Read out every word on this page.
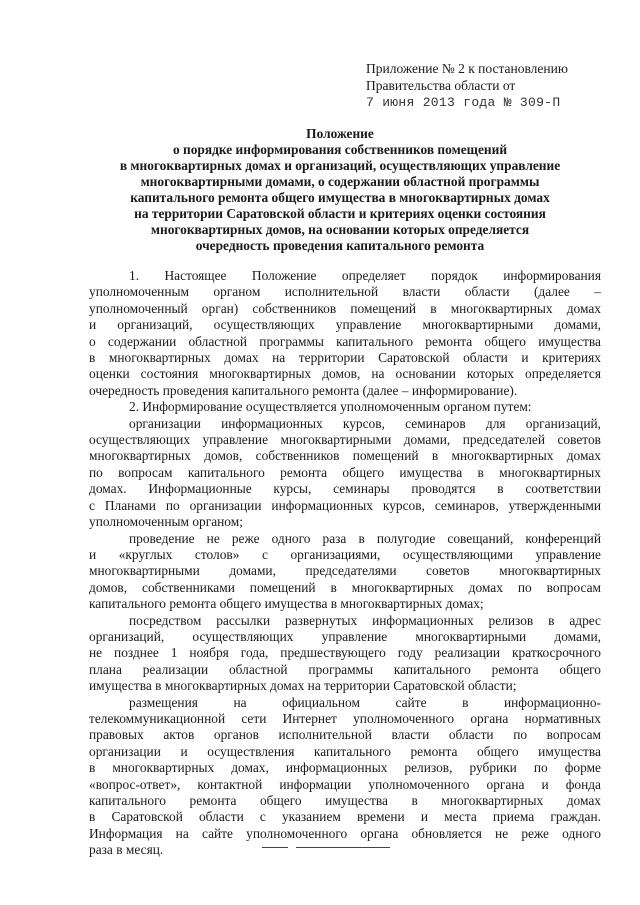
Приложение № 2 к постановлению
Правительства области от
7 июня 2013 года № 309-П
Положение
о порядке информирования собственников помещений
в многоквартирных домах и организаций, осуществляющих управление
многоквартирными домами, о содержании областной программы
капитального ремонта общего имущества в многоквартирных домах
на территории Саратовской области и критериях оценки состояния
многоквартирных домов, на основании которых определяется
очередность проведения капитального ремонта
1. Настоящее Положение определяет порядок информирования
уполномоченным органом исполнительной власти области (далее –
уполномоченный орган) собственников помещений в многоквартирных домах
и организаций, осуществляющих управление многоквартирными домами,
о содержании областной программы капитального ремонта общего имущества
в многоквартирных домах на территории Саратовской области и критериях
оценки состояния многоквартирных домов, на основании которых определяется
очередность проведения капитального ремонта (далее – информирование).
2. Информирование осуществляется уполномоченным органом путем:
организации информационных курсов, семинаров для организаций,
осуществляющих управление многоквартирными домами, председателей советов
многоквартирных домов, собственников помещений в многоквартирных домах
по вопросам капитального ремонта общего имущества в многоквартирных
домах. Информационные курсы, семинары проводятся в соответствии
с Планами по организации информационных курсов, семинаров, утвержденными
уполномоченным органом;
проведение не реже одного раза в полугодие совещаний, конференций
и «круглых столов» с организациями, осуществляющими управление
многоквартирными домами, председателями советов многоквартирных
домов, собственниками помещений в многоквартирных домах по вопросам
капитального ремонта общего имущества в многоквартирных домах;
посредством рассылки развернутых информационных релизов в адрес
организаций, осуществляющих управление многоквартирными домами,
не позднее 1 ноября года, предшествующего году реализации краткосрочного
плана реализации областной программы капитального ремонта общего
имущества в многоквартирных домах на территории Саратовской области;
размещения на официальном сайте в информационно-
телекоммуникационной сети Интернет уполномоченного органа нормативных
правовых актов органов исполнительной власти области по вопросам
организации и осуществления капитального ремонта общего имущества
в многоквартирных домах, информационных релизов, рубрики по форме
«вопрос-ответ», контактной информации уполномоченного органа и фонда
капитального ремонта общего имущества в многоквартирных домах
в Саратовской области с указанием времени и места приема граждан.
Информация на сайте уполномоченного органа обновляется не реже одного
раза в месяц.
